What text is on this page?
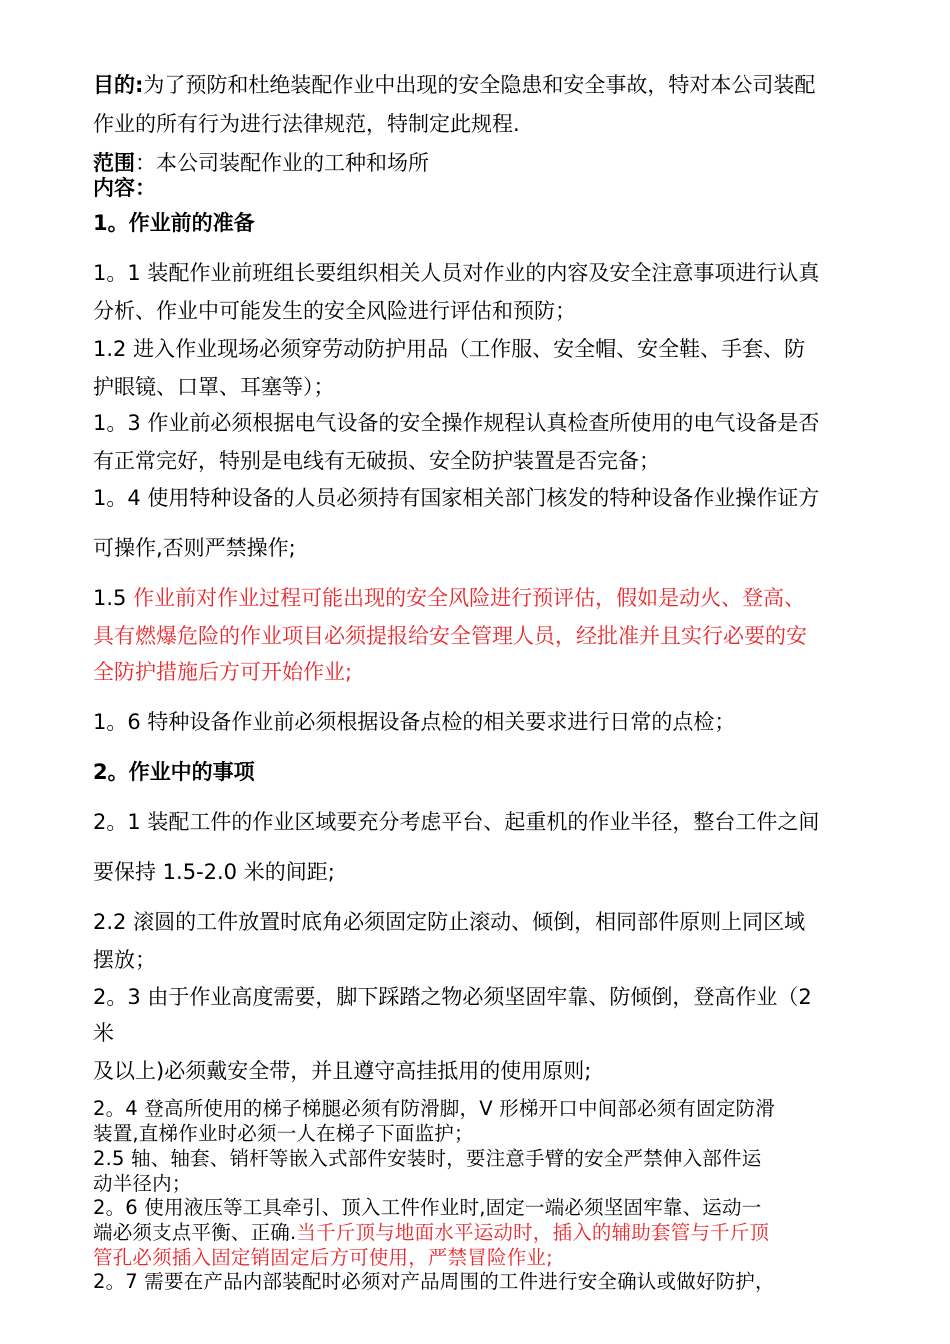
目的:为了预防和杜绝装配作业中出现的安全隐患和安全事故，特对本公司装配
作业的所有行为进行法律规范，特制定此规程.
范围：本公司装配作业的工种和场所
内容：
1。作业前的准备
1。1 装配作业前班组长要组织相关人员对作业的内容及安全注意事项进行认真
分析、作业中可能发生的安全风险进行评估和预防；
1.2 进入作业现场必须穿劳动防护用品（工作服、安全帽、安全鞋、手套、防
护眼镜、口罩、耳塞等）；
1。3 作业前必须根据电气设备的安全操作规程认真检查所使用的电气设备是否
有正常完好，特别是电线有无破损、安全防护装置是否完备；
1。4 使用特种设备的人员必须持有国家相关部门核发的特种设备作业操作证方
可操作,否则严禁操作;
1.5 作业前对作业过程可能出现的安全风险进行预评估，假如是动火、登高、
具有燃爆危险的作业项目必须提报给安全管理人员，经批准并且实行必要的安
全防护措施后方可开始作业;
1。6 特种设备作业前必须根据设备点检的相关要求进行日常的点检；
2。作业中的事项
2。1 装配工件的作业区域要充分考虑平台、起重机的作业半径，整台工件之间
要保持 1.5-2.0 米的间距;
2.2 滚圆的工件放置时底角必须固定防止滚动、倾倒，相同部件原则上同区域
摆放；
2。3 由于作业高度需要，脚下踩踏之物必须坚固牢靠、防倾倒，登高作业（2
米
及以上)必须戴安全带，并且遵守高挂抵用的使用原则;
2。4 登高所使用的梯子梯腿必须有防滑脚，V 形梯开口中间部必须有固定防滑
装置,直梯作业时必须一人在梯子下面监护；
2.5 轴、轴套、销杆等嵌入式部件安装时，要注意手臂的安全严禁伸入部件运
动半径内；
2。6 使用液压等工具牵引、顶入工件作业时,固定一端必须坚固牢靠、运动一
端必须支点平衡、正确.当千斤顶与地面水平运动时，插入的辅助套管与千斤顶
管孔必须插入固定销固定后方可使用，严禁冒险作业;
2。7 需要在产品内部装配时必须对产品周围的工件进行安全确认或做好防护，
